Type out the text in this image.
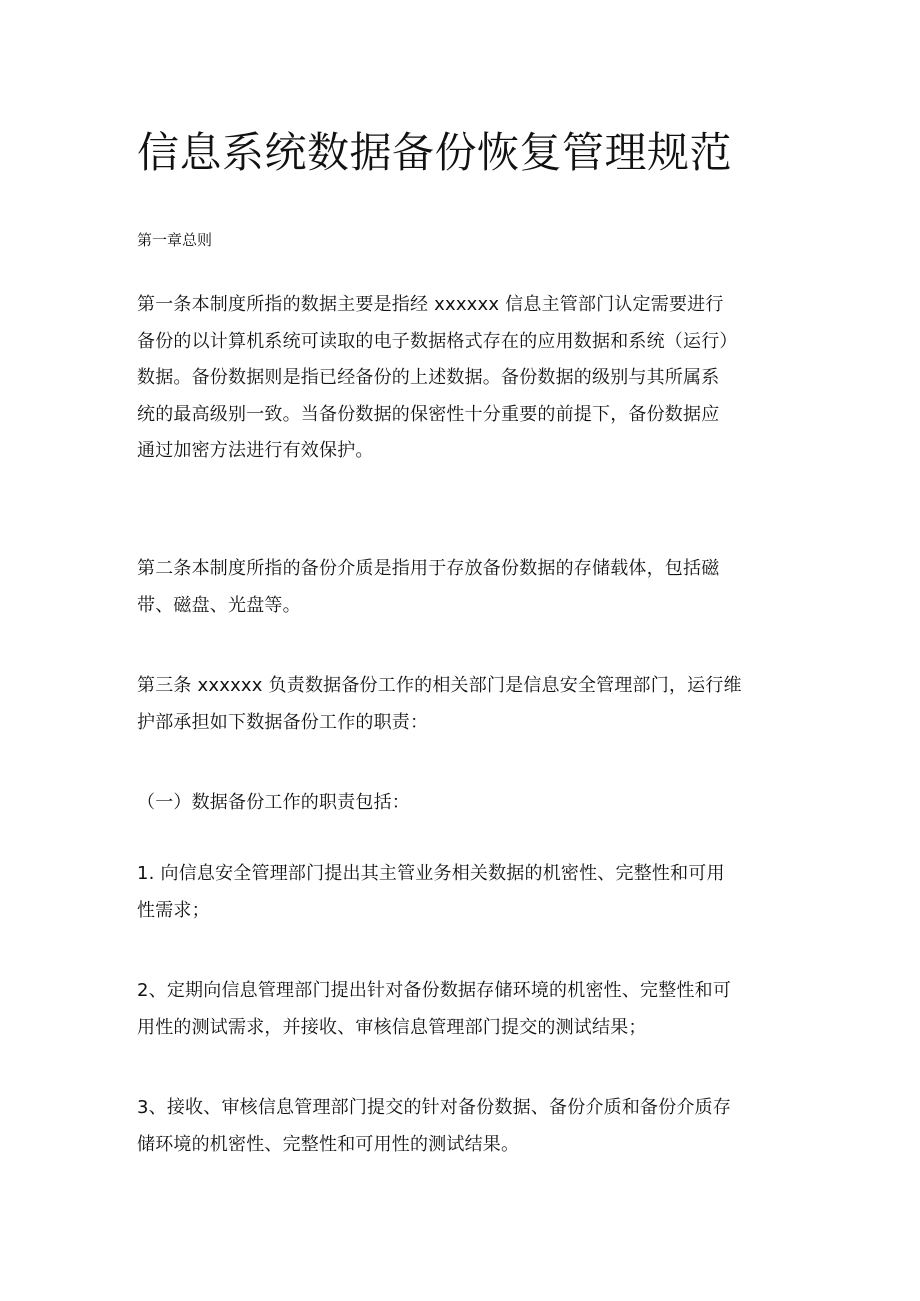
信息系统数据备份恢复管理规范

第一章总则

第一条本制度所指的数据主要是指经 xxxxxx 信息主管部门认定需要进行
备份的以计算机系统可读取的电子数据格式存在的应用数据和系统（运行）
数据。备份数据则是指已经备份的上述数据。备份数据的级别与其所属系
统的最高级别一致。当备份数据的保密性十分重要的前提下，备份数据应
通过加密方法进行有效保护。

第二条本制度所指的备份介质是指用于存放备份数据的存储载体，包括磁
带、磁盘、光盘等。

第三条 xxxxxx 负责数据备份工作的相关部门是信息安全管理部门，运行维
护部承担如下数据备份工作的职责：

（一）数据备份工作的职责包括：

1. 向信息安全管理部门提出其主管业务相关数据的机密性、完整性和可用
性需求；

2、定期向信息管理部门提出针对备份数据存储环境的机密性、完整性和可
用性的测试需求，并接收、审核信息管理部门提交的测试结果；

3、接收、审核信息管理部门提交的针对备份数据、备份介质和备份介质存
储环境的机密性、完整性和可用性的测试结果。
